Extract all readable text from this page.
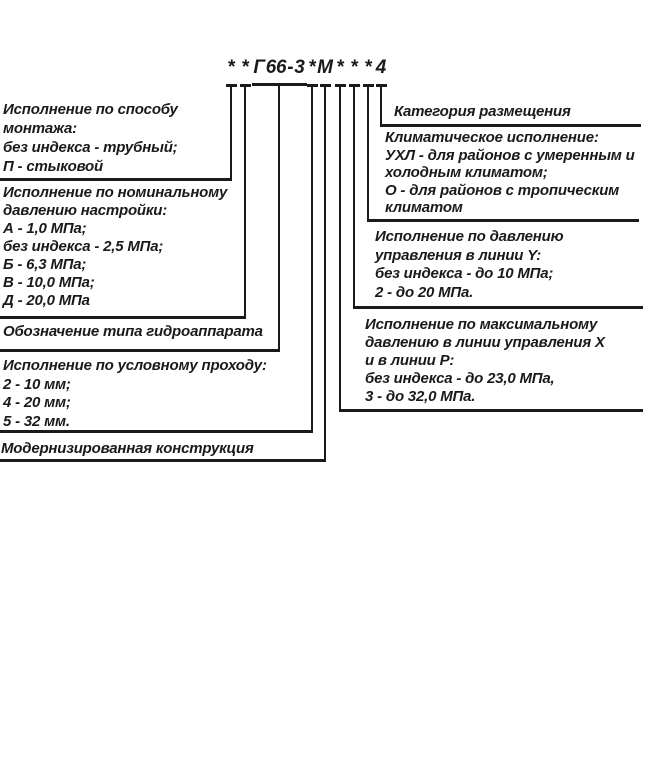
* * Г 66 - 3 * М * * * 4
Исполнение по способу
монтажа:
без индекса - трубный;
П - стыковой
Исполнение по номинальному
давлению настройки:
А - 1,0 МПа;
без индекса - 2,5 МПа;
Б - 6,3 МПа;
В - 10,0 МПа;
Д - 20,0 МПа
Обозначение типа гидроаппарата
Исполнение по условному проходу:
2 - 10 мм;
4 - 20 мм;
5 - 32 мм.
Модернизированная конструкция
Исполнение по максимальному
давлению в линии управления X
и в линии P:
без индекса - до 23,0 МПа,
3 - до 32,0 МПа.
Исполнение по давлению
управления в линии Y:
без индекса - до 10 МПа;
2 - до 20 МПа.
Климатическое исполнение:
УХЛ - для районов с умеренным и
холодным климатом;
О - для районов с тропическим
климатом
Категория размещения
